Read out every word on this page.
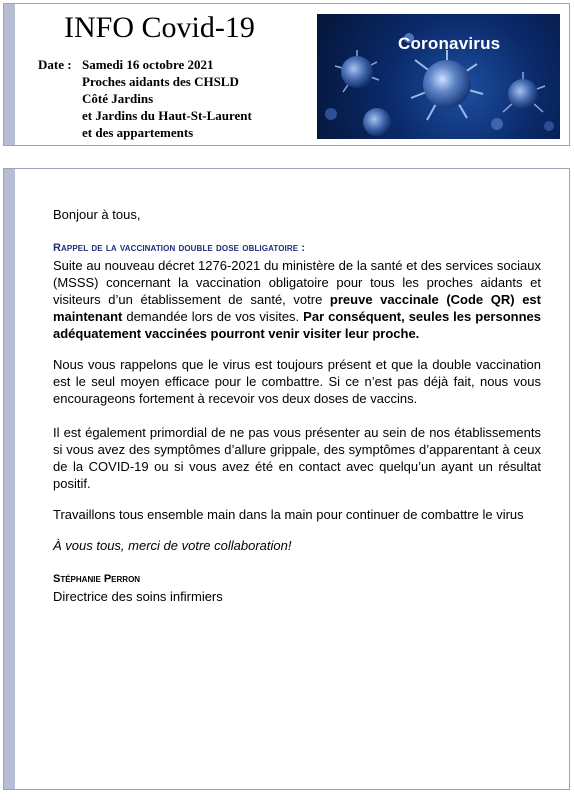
INFO Covid-19
Date : Samedi 16 octobre 2021
Proches aidants des CHSLD
Côté Jardins
et Jardins du Haut-St-Laurent
et des appartements
Coronavirus
Bonjour à tous,
Rappel de la vaccination double dose obligatoire :
Suite au nouveau décret 1276-2021 du ministère de la santé et des services sociaux (MSSS) concernant la vaccination obligatoire pour tous les proches aidants et visiteurs d’un établissement de santé, votre preuve vaccinale (Code QR) est maintenant demandée lors de vos visites. Par conséquent, seules les personnes adéquatement vaccinées pourront venir visiter leur proche.
Nous vous rappelons que le virus est toujours présent et que la double vaccination est le seul moyen efficace pour le combattre. Si ce n’est pas déjà fait, nous vous encourageons fortement à recevoir vos deux doses de vaccins.
Il est également primordial de ne pas vous présenter au sein de nos établissements si vous avez des symptômes d’allure grippale, des symptômes d’apparentant à ceux de la COVID-19 ou si vous avez été en contact avec quelqu’un ayant un résultat positif.
Travaillons tous ensemble main dans la main pour continuer de combattre le virus
À vous tous, merci de votre collaboration!
Stéphanie Perron
Directrice des soins infirmiers
